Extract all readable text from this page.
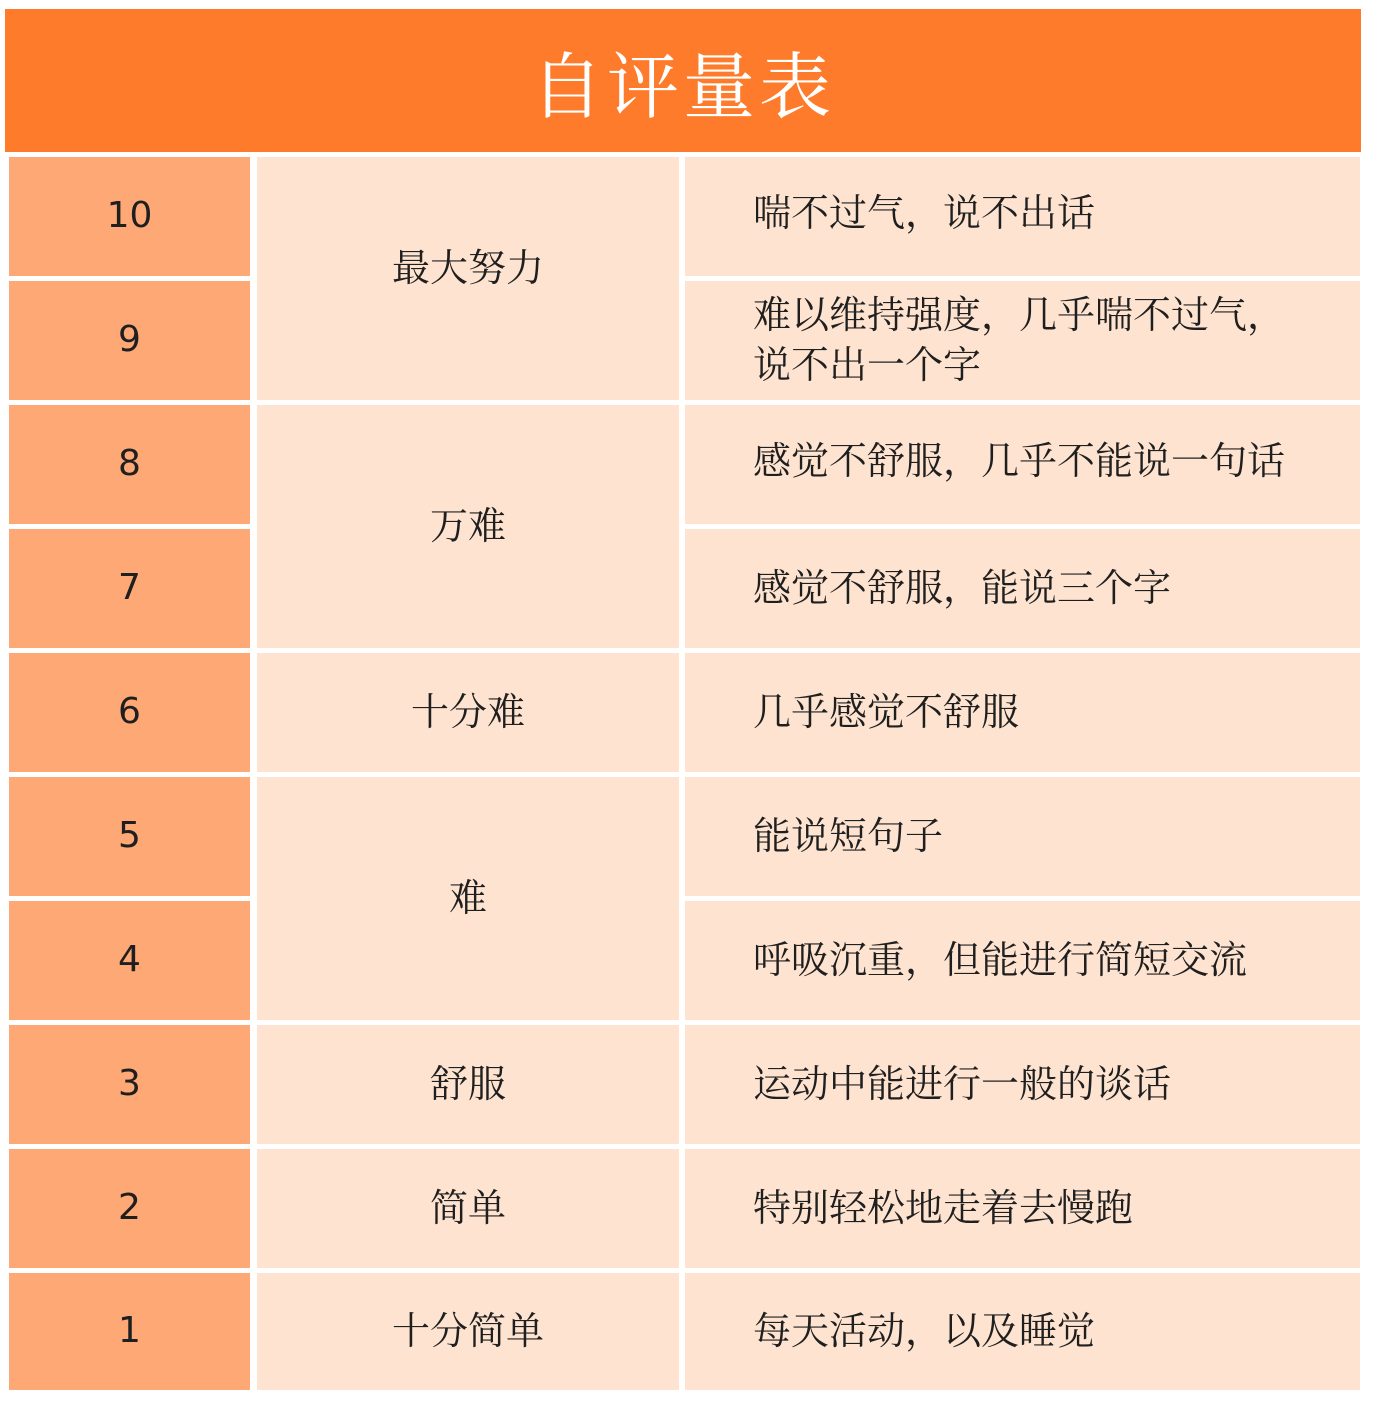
自评量表
10
9
8
7
6
5
4
3
2
1
最大努力
万难
十分难
难
舒服
简单
十分简单
喘不过气，说不出话
难以维持强度，几乎喘不过气，说不出一个字
感觉不舒服，几乎不能说一句话
感觉不舒服，能说三个字
几乎感觉不舒服
能说短句子
呼吸沉重，但能进行简短交流
运动中能进行一般的谈话
特别轻松地走着去慢跑
每天活动，以及睡觉
